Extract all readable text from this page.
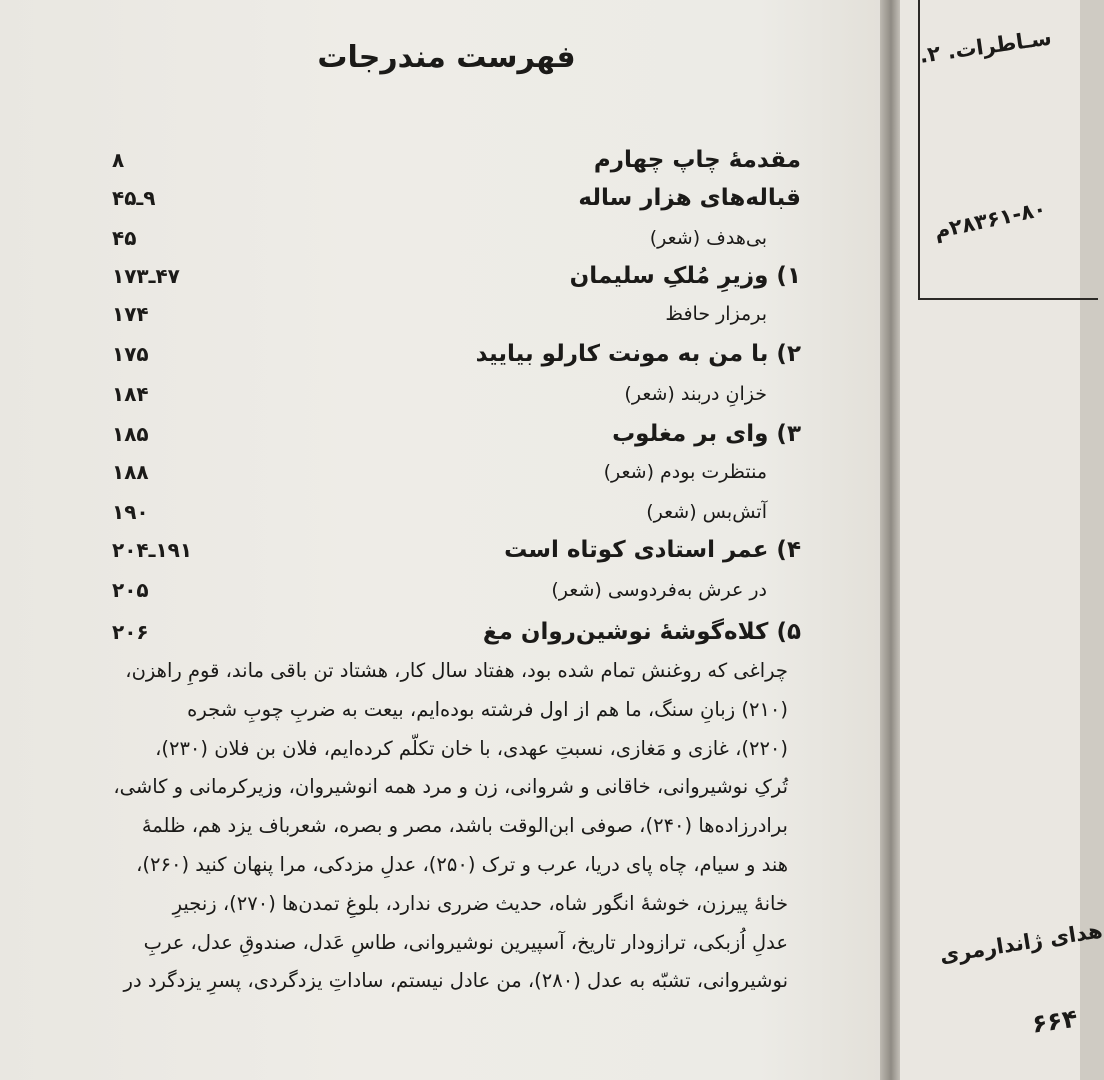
فهرست مندرجات
مقدمهٔ چاپ چهارم
۸
قباله‌های هزار ساله
۹ـ۴۵
بی‌هدف (شعر)
۴۵
۱) وزیرِ مُلکِ سلیمان
۴۷ـ۱۷۳
برمزار حافظ
۱۷۴
۲) با من به مونت کارلو بیایید
۱۷۵
خزانِ دربند (شعر)
۱۸۴
۳) وای بر مغلوب
۱۸۵
منتظرت بودم (شعر)
۱۸۸
آتش‌بس (شعر)
۱۹۰
۴) عمر استادی کوتاه است
۱۹۱ـ۲۰۴
در عرش به‌فردوسی (شعر)
۲۰۵
۵) کلاه‌گوشهٔ نوشین‌روان مغ
۲۰۶
چراغی که روغنش تمام شده بود، هفتاد سال کار، هشتاد تن باقی ماند، قومِ راهزن،
(۲۱۰) زبانِ سنگ، ما هم از اول فرشته بوده‌ایم، بیعت به ضربِ چوبِ شجره
(۲۲۰)، غازی و مَغازی، نسبتِ عهدی، با خان تکلّم کرده‌ایم، فلان بن فلان (۲۳۰)،
تُرکِ نوشیروانی، خاقانی و شروانی، زن و مرد همه انوشیروان، وزیرکرمانی و کاشی،
برادرزاده‌ها (۲۴۰)، صوفی ابن‌الوقت باشد، مصر و بصره، شعرباف یزد هم، ظلمهٔ
هند و سیام، چاه پای دریا، عرب و ترک (۲۵۰)، عدلِ مزدکی، مرا پنهان کنید (۲۶۰)،
خانهٔ پیرزن، خوشهٔ انگور شاه، حدیث ضرری ندارد، بلوغِ تمدن‌ها (۲۷۰)، زنجیرِ
عدلِ اُزبکی، ترازودار تاریخ، آسپیرین نوشیروانی، طاسِ عَدل، صندوقِ عدل، عربِ
نوشیروانی، تشبّه به عدل (۲۸۰)، من عادل نیستم، ساداتِ یزدگردی، پسرِ یزدگرد در
سـاطرات. ۲.
۲۸۳۶۱-۸۰م
هدای ژاندارمری
۶۶۴
